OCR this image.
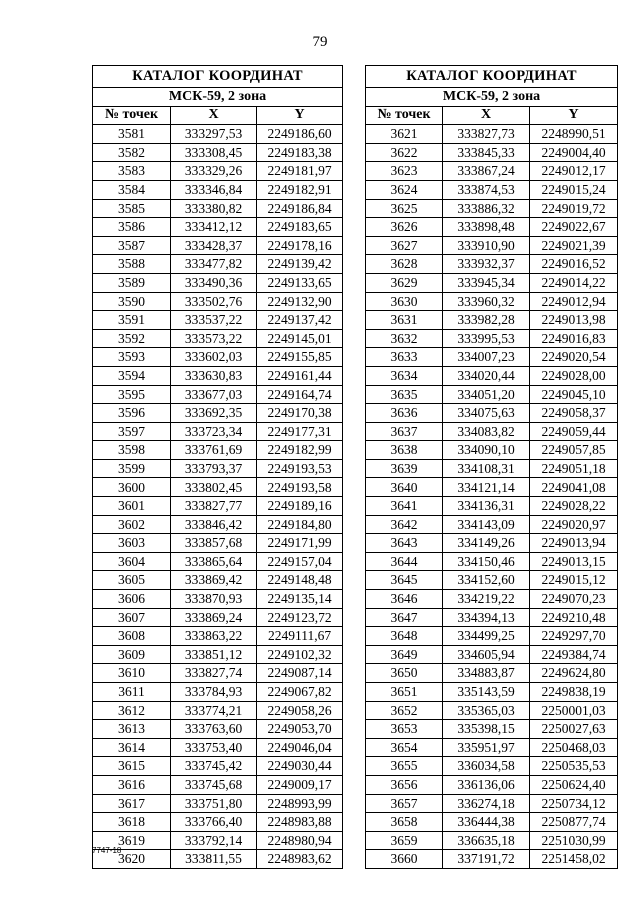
79
КАТАЛОГ КООРДИНАТ		
МСК-59, 2 зона		
№ точек	X	Y
3581	333297,53	2249186,60
3582	333308,45	2249183,38
3583	333329,26	2249181,97
3584	333346,84	2249182,91
3585	333380,82	2249186,84
3586	333412,12	2249183,65
3587	333428,37	2249178,16
3588	333477,82	2249139,42
3589	333490,36	2249133,65
3590	333502,76	2249132,90
3591	333537,22	2249137,42
3592	333573,22	2249145,01
3593	333602,03	2249155,85
3594	333630,83	2249161,44
3595	333677,03	2249164,74
3596	333692,35	2249170,38
3597	333723,34	2249177,31
3598	333761,69	2249182,99
3599	333793,37	2249193,53
3600	333802,45	2249193,58
3601	333827,77	2249189,16
3602	333846,42	2249184,80
3603	333857,68	2249171,99
3604	333865,64	2249157,04
3605	333869,42	2249148,48
3606	333870,93	2249135,14
3607	333869,24	2249123,72
3608	333863,22	2249111,67
3609	333851,12	2249102,32
3610	333827,74	2249087,14
3611	333784,93	2249067,82
3612	333774,21	2249058,26
3613	333763,60	2249053,70
3614	333753,40	2249046,04
3615	333745,42	2249030,44
3616	333745,68	2249009,17
3617	333751,80	2248993,99
3618	333766,40	2248983,88
3619	333792,14	2248980,94
3620	333811,55	2248983,62
КАТАЛОГ КООРДИНАТ		
МСК-59, 2 зона		
№ точек	X	Y
3621	333827,73	2248990,51
3622	333845,33	2249004,40
3623	333867,24	2249012,17
3624	333874,53	2249015,24
3625	333886,32	2249019,72
3626	333898,48	2249022,67
3627	333910,90	2249021,39
3628	333932,37	2249016,52
3629	333945,34	2249014,22
3630	333960,32	2249012,94
3631	333982,28	2249013,98
3632	333995,53	2249016,83
3633	334007,23	2249020,54
3634	334020,44	2249028,00
3635	334051,20	2249045,10
3636	334075,63	2249058,37
3637	334083,82	2249059,44
3638	334090,10	2249057,85
3639	334108,31	2249051,18
3640	334121,14	2249041,08
3641	334136,31	2249028,22
3642	334143,09	2249020,97
3643	334149,26	2249013,94
3644	334150,46	2249013,15
3645	334152,60	2249015,12
3646	334219,22	2249070,23
3647	334394,13	2249210,48
3648	334499,25	2249297,70
3649	334605,94	2249384,74
3650	334883,87	2249624,80
3651	335143,59	2249838,19
3652	335365,03	2250001,03
3653	335398,15	2250027,63
3654	335951,97	2250468,03
3655	336034,58	2250535,53
3656	336136,06	2250624,40
3657	336274,18	2250734,12
3658	336444,38	2250877,74
3659	336635,18	2251030,99
3660	337191,72	2251458,02
7747-18
